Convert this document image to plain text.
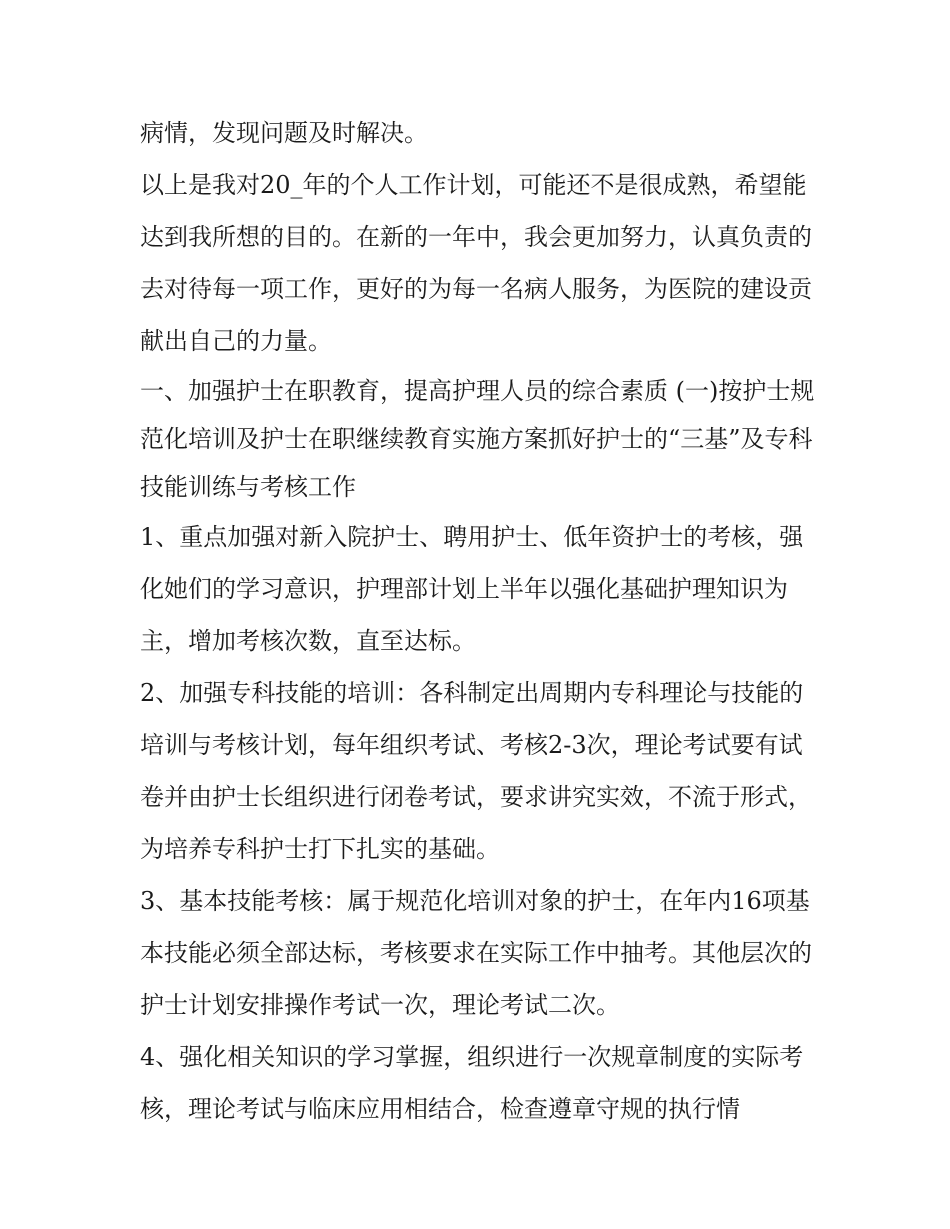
病情，发现问题及时解决。

以上是我对20_年的个人工作计划，可能还不是很成熟，希望能达到我所想的目的。在新的一年中，我会更加努力，认真负责的去对待每一项工作，更好的为每一名病人服务，为医院的建设贡献出自己的力量。

一、加强护士在职教育，提高护理人员的综合素质 (一)按护士规范化培训及护士在职继续教育实施方案抓好护士的“三基”及专科技能训练与考核工作

1、重点加强对新入院护士、聘用护士、低年资护士的考核，强化她们的学习意识，护理部计划上半年以强化基础护理知识为主，增加考核次数，直至达标。

2、加强专科技能的培训：各科制定出周期内专科理论与技能的培训与考核计划，每年组织考试、考核2-3次，理论考试要有试卷并由护士长组织进行闭卷考试，要求讲究实效，不流于形式，为培养专科护士打下扎实的基础。

3、基本技能考核：属于规范化培训对象的护士，在年内16项基本技能必须全部达标，考核要求在实际工作中抽考。其他层次的护士计划安排操作考试一次，理论考试二次。

4、强化相关知识的学习掌握，组织进行一次规章制度的实际考核，理论考试与临床应用相结合，检查遵章守规的执行情
